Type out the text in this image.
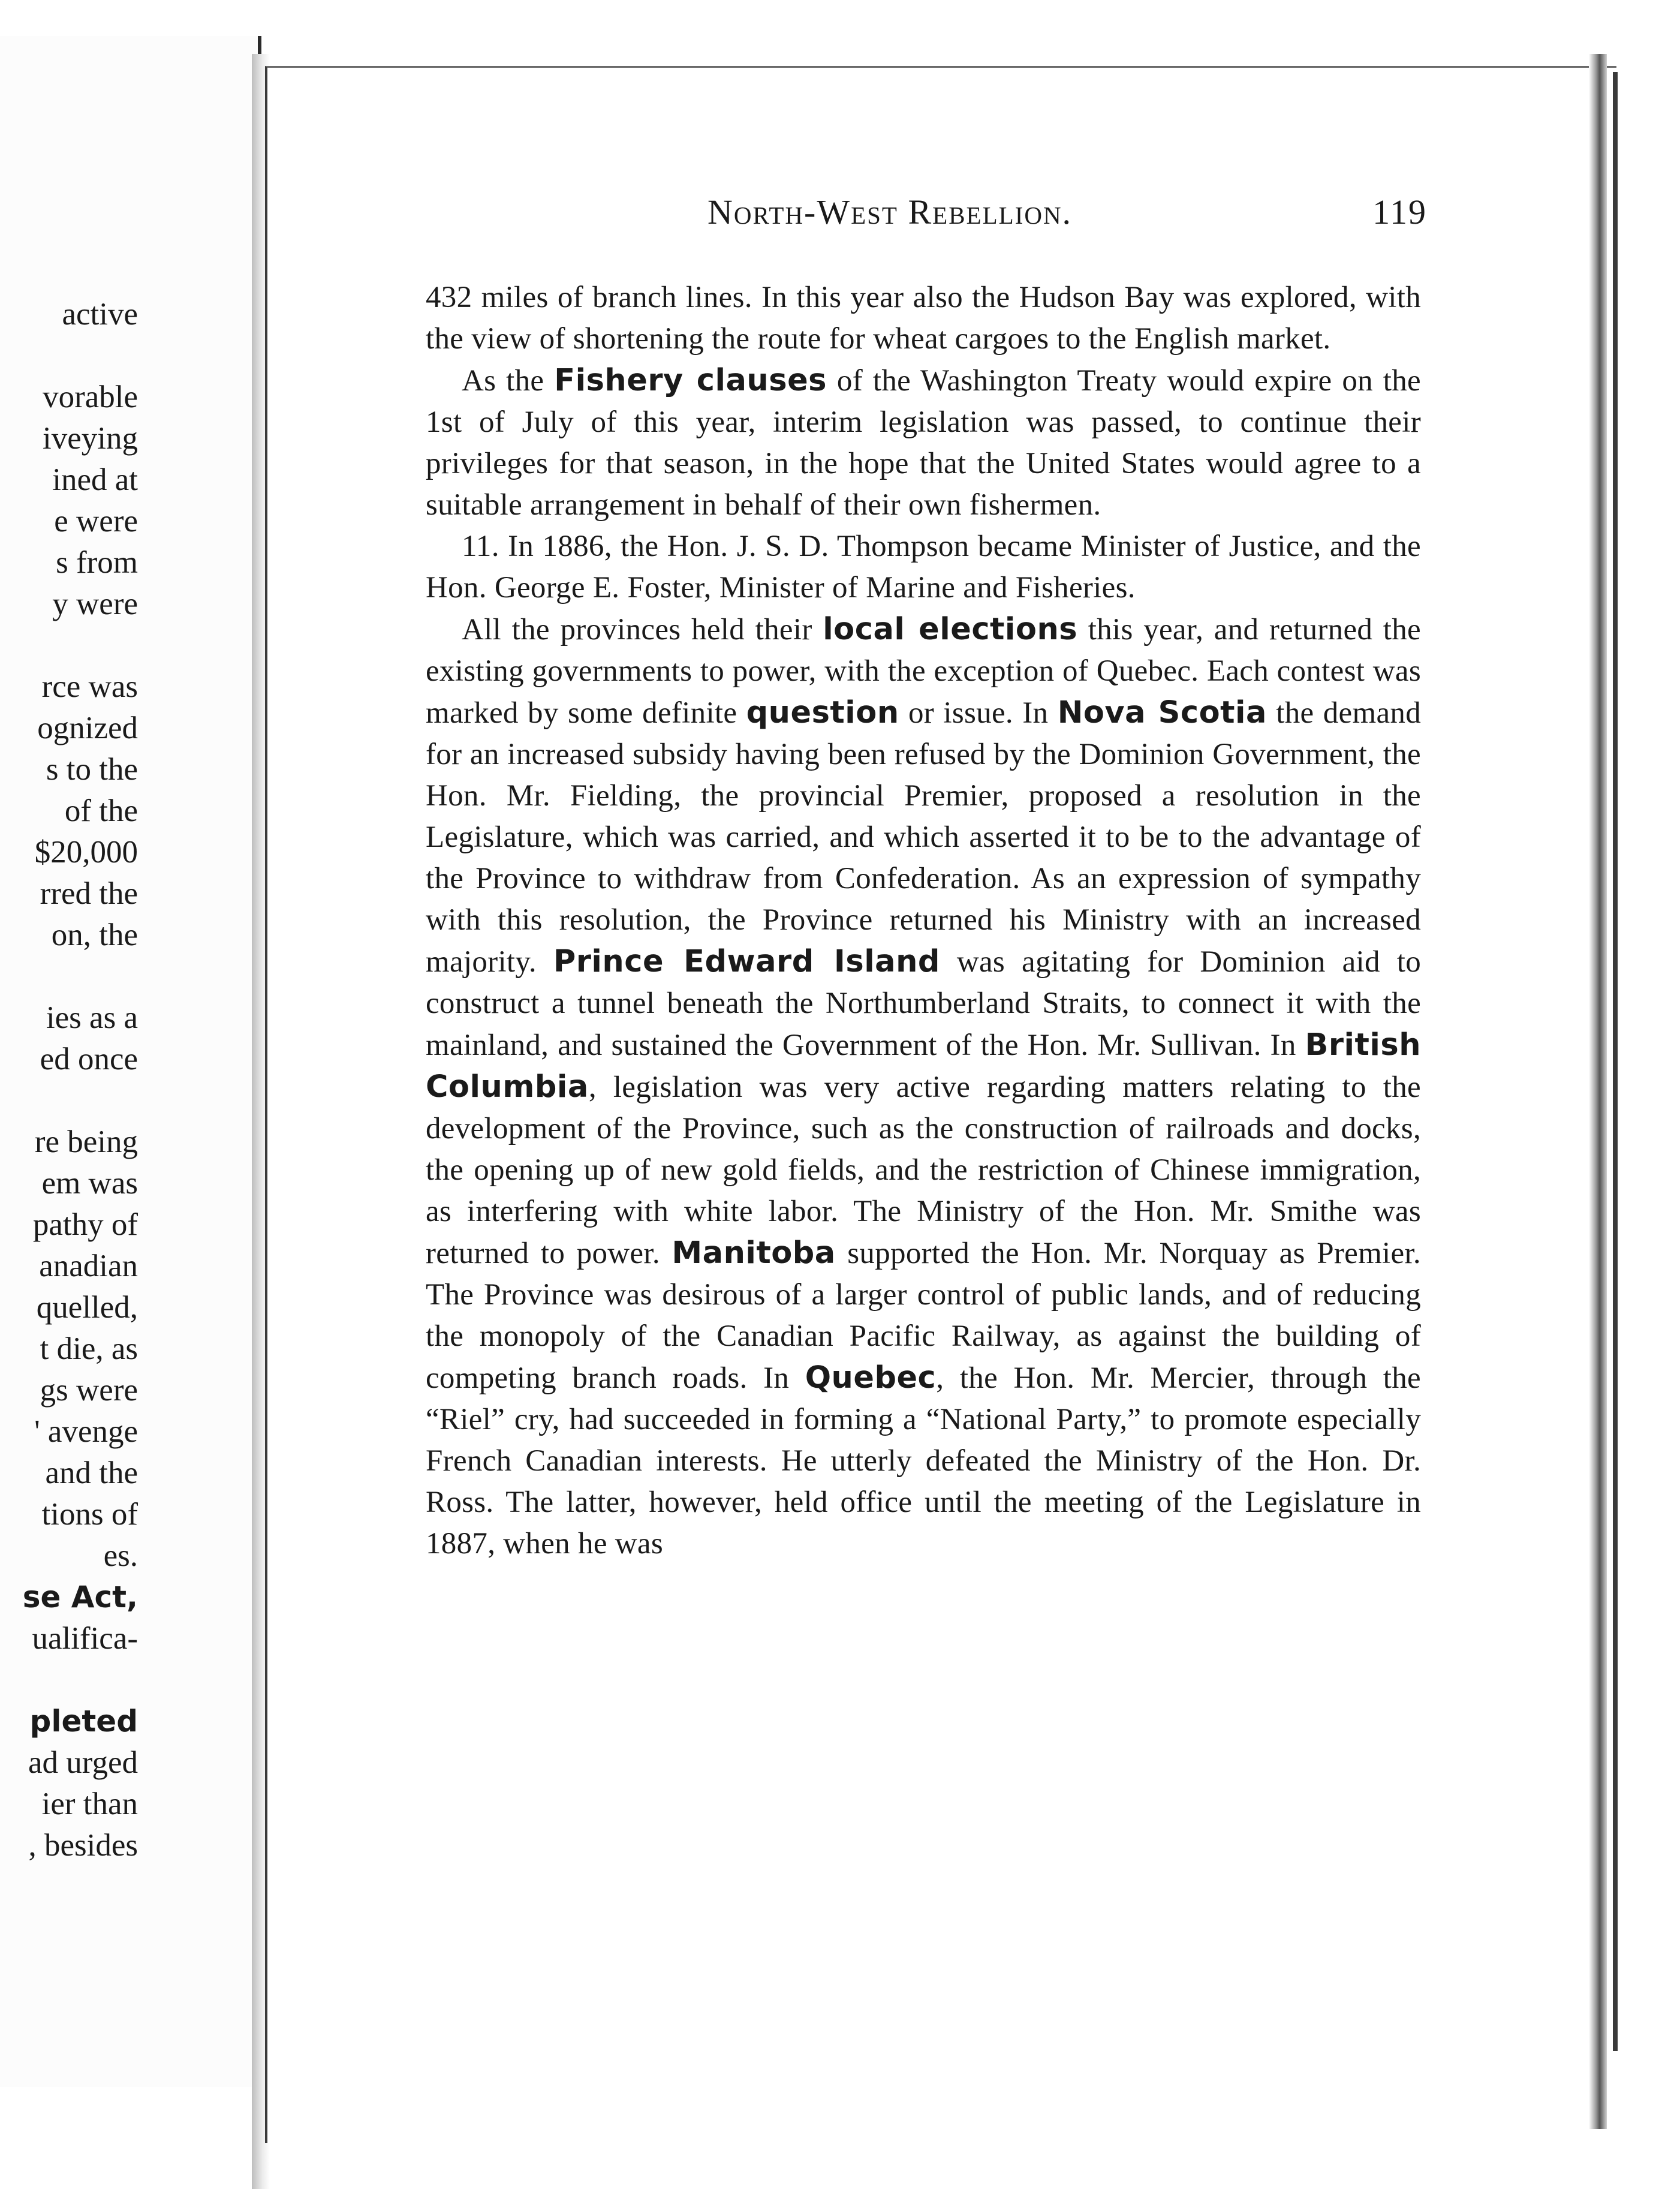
active
vorable
iveying
ined at
e were
s from
y were
rce was
ognized
s to the
of the
$20,000
rred the
on, the
ies as a
ed once
re being
em was
pathy of
anadian
quelled,
t die, as
gs were
' avenge
and the
tions of
es.
se Act,
ualifica-
pleted
ad urged
ier than
, besides
North-West Rebellion.	119

432 miles of branch lines. In this year also the Hudson Bay was explored, with the view of shortening the route for wheat cargoes to the English market.

As the Fishery clauses of the Washington Treaty would expire on the 1st of July of this year, interim legislation was passed, to continue their privileges for that season, in the hope that the United States would agree to a suitable arrangement in behalf of their own fishermen.

11. In 1886, the Hon. J. S. D. Thompson became Minister of Justice, and the Hon. George E. Foster, Minister of Marine and Fisheries.

All the provinces held their local elections this year, and returned the existing governments to power, with the exception of Quebec. Each contest was marked by some definite question or issue. In Nova Scotia the demand for an increased subsidy having been refused by the Dominion Government, the Hon. Mr. Fielding, the provincial Premier, proposed a resolution in the Legislature, which was carried, and which asserted it to be to the advantage of the Province to withdraw from Confederation. As an expression of sympathy with this resolution, the Province returned his Ministry with an increased majority. Prince Edward Island was agitating for Dominion aid to construct a tunnel beneath the Northumberland Straits, to connect it with the mainland, and sustained the Government of the Hon. Mr. Sullivan. In British Columbia, legislation was very active regarding matters relating to the development of the Province, such as the construction of railroads and docks, the opening up of new gold fields, and the restriction of Chinese immigration, as interfering with white labor. The Ministry of the Hon. Mr. Smithe was returned to power. Manitoba supported the Hon. Mr. Norquay as Premier. The Province was desirous of a larger control of public lands, and of reducing the monopoly of the Canadian Pacific Railway, as against the building of competing branch roads. In Quebec, the Hon. Mr. Mercier, through the “Riel” cry, had succeeded in forming a “National Party,” to promote especially French Canadian interests. He utterly defeated the Ministry of the Hon. Dr. Ross. The latter, however, held office until the meeting of the Legislature in 1887, when he was
